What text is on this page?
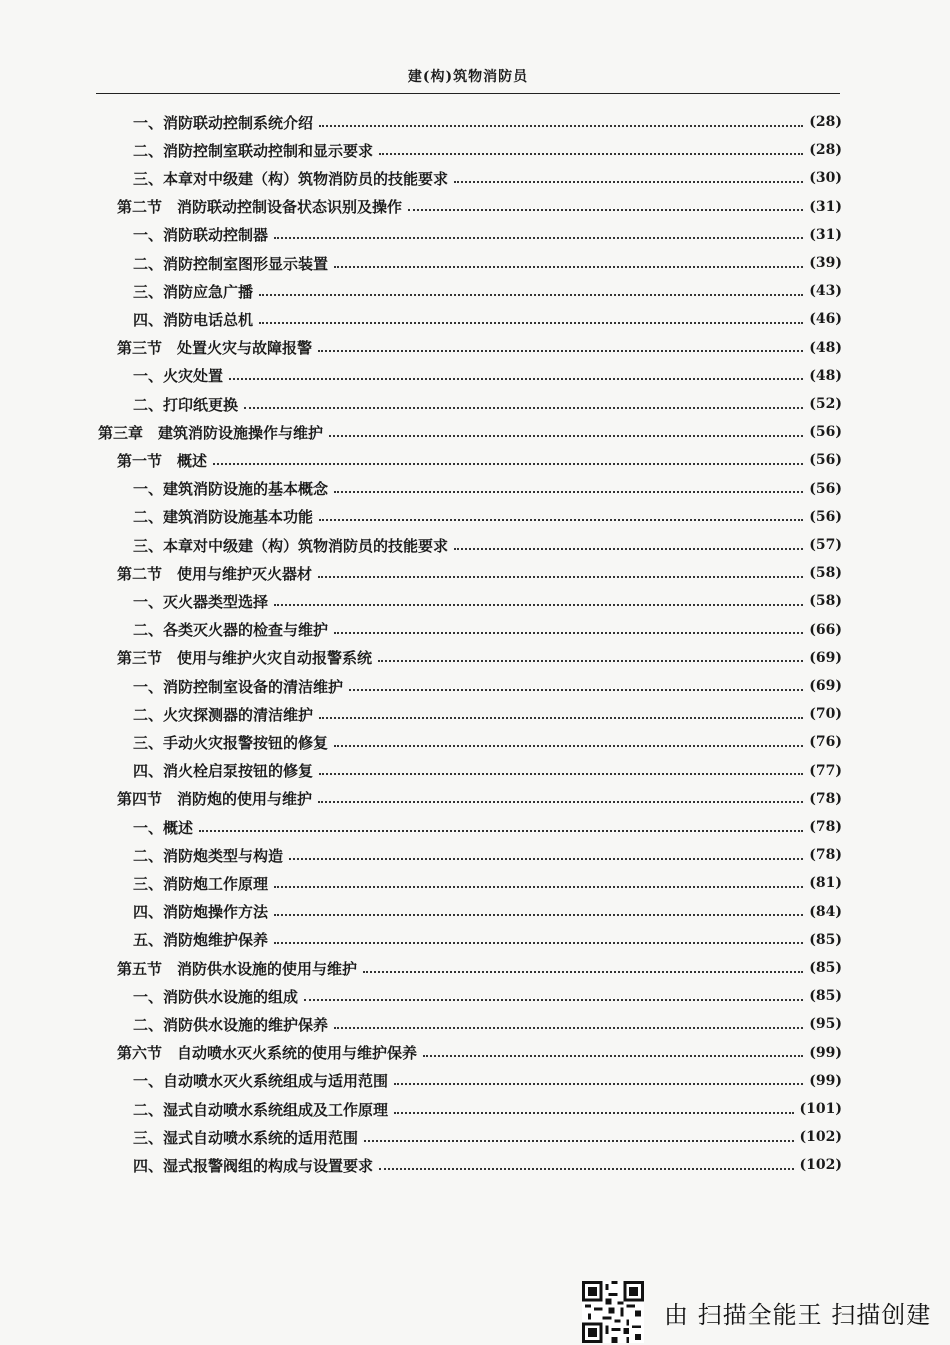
建(构)筑物消防员
一、消防联动控制系统介绍	(28)
二、消防控制室联动控制和显示要求	(28)
三、本章对中级建（构）筑物消防员的技能要求	(30)
第二节　消防联动控制设备状态识别及操作	(31)
一、消防联动控制器	(31)
二、消防控制室图形显示装置	(39)
三、消防应急广播	(43)
四、消防电话总机	(46)
第三节　处置火灾与故障报警	(48)
一、火灾处置	(48)
二、打印纸更换	(52)
第三章　建筑消防设施操作与维护	(56)
第一节　概述	(56)
一、建筑消防设施的基本概念	(56)
二、建筑消防设施基本功能	(56)
三、本章对中级建（构）筑物消防员的技能要求	(57)
第二节　使用与维护灭火器材	(58)
一、灭火器类型选择	(58)
二、各类灭火器的检查与维护	(66)
第三节　使用与维护火灾自动报警系统	(69)
一、消防控制室设备的清洁维护	(69)
二、火灾探测器的清洁维护	(70)
三、手动火灾报警按钮的修复	(76)
四、消火栓启泵按钮的修复	(77)
第四节　消防炮的使用与维护	(78)
一、概述	(78)
二、消防炮类型与构造	(78)
三、消防炮工作原理	(81)
四、消防炮操作方法	(84)
五、消防炮维护保养	(85)
第五节　消防供水设施的使用与维护	(85)
一、消防供水设施的组成	(85)
二、消防供水设施的维护保养	(95)
第六节　自动喷水灭火系统的使用与维护保养	(99)
一、自动喷水灭火系统组成与适用范围	(99)
二、湿式自动喷水系统组成及工作原理	(101)
三、湿式自动喷水系统的适用范围	(102)
四、湿式报警阀组的构成与设置要求	(102)
由 扫描全能王 扫描创建
